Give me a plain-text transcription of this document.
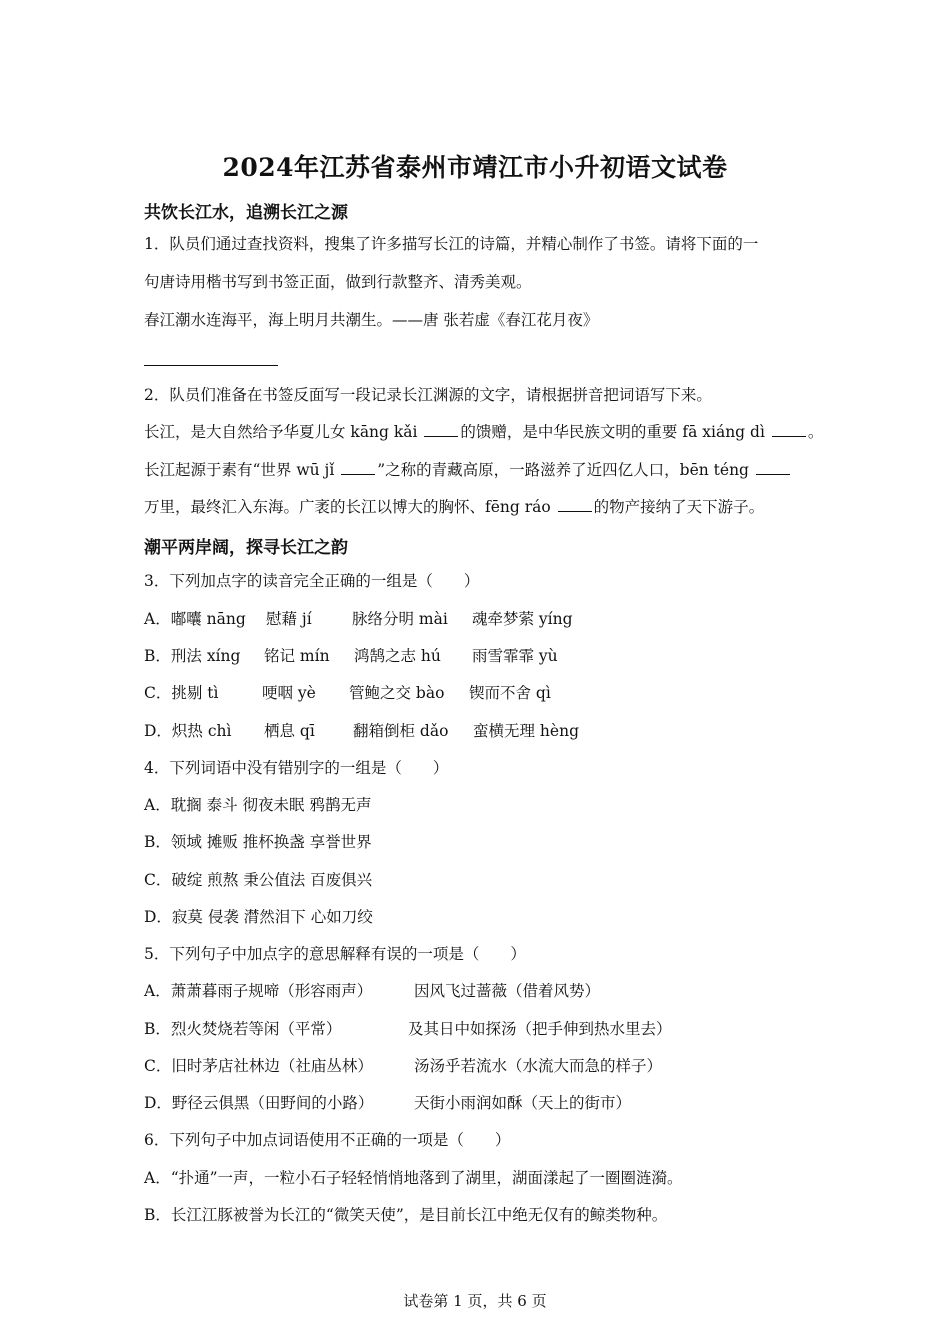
2024年江苏省泰州市靖江市小升初语文试卷
共饮长江水，追溯长江之源
1．队员们通过查找资料，搜集了许多描写长江的诗篇，并精心制作了书签。请将下面的一
句唐诗用楷书写到书签正面，做到行款整齐、清秀美观。
春江潮水连海平，海上明月共潮生。——唐 张若虚《春江花月夜》
2．队员们准备在书签反面写一段记录长江渊源的文字，请根据拼音把词语写下来。
长江，是大自然给予华夏儿女 kāng kǎi 的馈赠，是中华民族文明的重要 fā xiáng dì 。
长江起源于素有“世界 wū jǐ ”之称的青藏高原，一路滋养了近四亿人口，bēn téng
万里，最终汇入东海。广袤的长江以博大的胸怀、fēng ráo 的物产接纳了天下游子。
潮平两岸阔，探寻长江之韵
3．下列加点字的读音完全正确的一组是（　　）
A．嘟囔 nāng 慰藉 jí	脉络分明 mài 魂牵梦萦 yíng
B．刑法 xíng 铭记 mín 鸿鹄之志 hú 雨雪霏霏 yù
C．挑剔 tì	哽咽 yè 管鲍之交 bào 锲而不舍 qì
D．炽热 chì 栖息 qī 翻箱倒柜 dǎo 蛮横无理 hèng
4．下列词语中没有错别字的一组是（　　）
A．耽搁 泰斗 彻夜未眠 鸦鹊无声
B．领域 摊贩 推杯换盏 享誉世界
C．破绽 煎熬 秉公值法 百废俱兴
D．寂莫 侵袭 潸然泪下 心如刀绞
5．下列句子中加点字的意思解释有误的一项是（　　）
A．萧萧暮雨子规啼（形容雨声）	因风飞过蔷薇（借着风势）
B．烈火焚烧若等闲（平常）	及其日中如探汤（把手伸到热水里去）
C．旧时茅店社林边（社庙丛林）	汤汤乎若流水（水流大而急的样子）
D．野径云俱黑（田野间的小路）	天街小雨润如酥（天上的街市）
6．下列句子中加点词语使用不正确的一项是（　　）
A．“扑通”一声，一粒小石子轻轻悄悄地落到了湖里，湖面漾起了一圈圈涟漪。
B．长江江豚被誉为长江的“微笑天使”，是目前长江中绝无仅有的鲸类物种。
试卷第 1 页，共 6 页
